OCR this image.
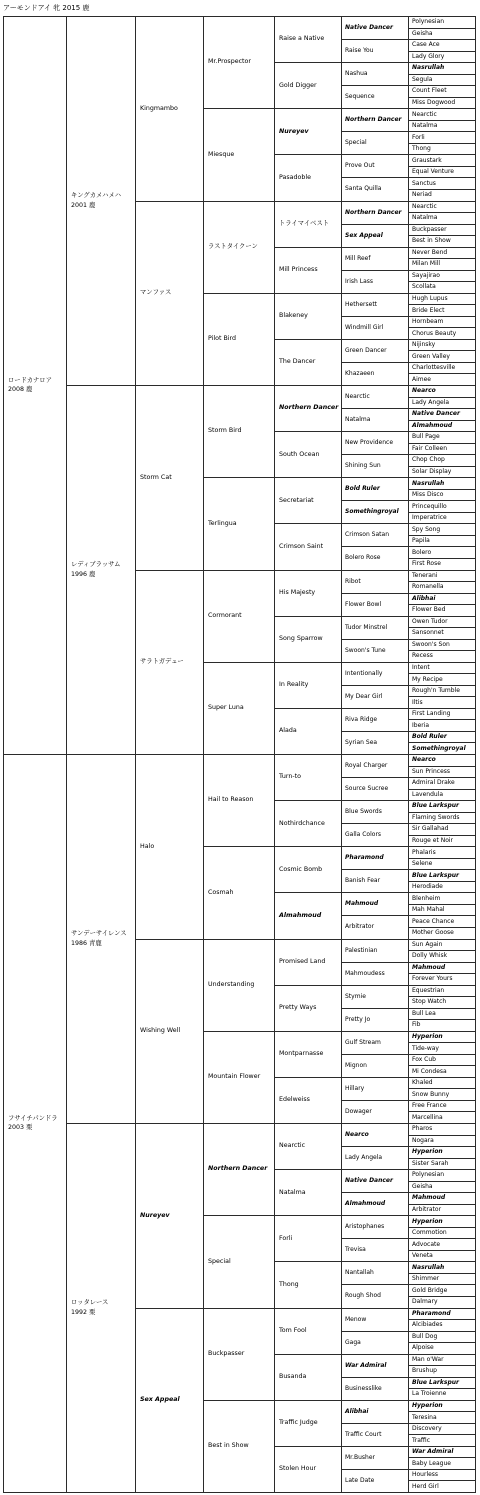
アーモンドアイ 牝 2015 鹿
ロードカナロア
2008 鹿	キングカメハメハ
2001 鹿	Kingmambo	Mr.Prospector	Raise a Native	Native Dancer	Polynesian

						Geisha

					Raise You	Case Ace

						Lady Glory

				Gold Digger	Nashua	Nasrullah

						Segula

					Sequence	Count Fleet

						Miss Dogwood

			Miesque	Nureyev	Northern Dancer	Nearctic

						Natalma

					Special	Forli

						Thong

				Pasadoble	Prove Out	Graustark

						Equal Venture

					Santa Quilla	Sanctus

						Neriad

		マンファス	ラストタイクーン	トライマイベスト	Northern Dancer	Nearctic

						Natalma

					Sex Appeal	Buckpasser

						Best in Show

				Mill Princess	Mill Reef	Never Bend

						Milan Mill

					Irish Lass	Sayajirao

						Scollata

			Pilot Bird	Blakeney	Hethersett	Hugh Lupus

						Bride Elect

					Windmill Girl	Hornbeam

						Chorus Beauty

				The Dancer	Green Dancer	Nijinsky

						Green Valley

					Khazaeen	Charlottesville

						Aimee

	レディブラッサム
1996 鹿	Storm Cat	Storm Bird	Northern Dancer	Nearctic	Nearco

						Lady Angela

					Natalma	Native Dancer

						Almahmoud

				South Ocean	New Providence	Bull Page

						Fair Colleen

					Shining Sun	Chop Chop

						Solar Display

			Terlingua	Secretariat	Bold Ruler	Nasrullah

						Miss Disco

					Somethingroyal	Princequillo

						Imperatrice

				Crimson Saint	Crimson Satan	Spy Song

						Papila

					Bolero Rose	Bolero

						First Rose

		サラトガデュー	Cormorant	His Majesty	Ribot	Tenerani

						Romanella

					Flower Bowl	Alibhai

						Flower Bed

				Song Sparrow	Tudor Minstrel	Owen Tudor

						Sansonnet

					Swoon's Tune	Swoon's Son

						Recess

			Super Luna	In Reality	Intentionally	Intent

						My Recipe

					My Dear Girl	Rough'n Tumble

						Iltis

				Alada	Riva Ridge	First Landing

						Iberia

					Syrian Sea	Bold Ruler

						Somethingroyal

フサイチパンドラ
2003 栗	サンデーサイレンス
1986 青鹿	Halo	Hail to Reason	Turn-to	Royal Charger	Nearco

						Sun Princess

					Source Sucree	Admiral Drake

						Lavendula

				Nothirdchance	Blue Swords	Blue Larkspur

						Flaming Swords

					Galla Colors	Sir Gallahad

						Rouge et Noir

			Cosmah	Cosmic Bomb	Pharamond	Phalaris

						Selene

					Banish Fear	Blue Larkspur

						Herodiade

				Almahmoud	Mahmoud	Blenheim

						Mah Mahal

					Arbitrator	Peace Chance

						Mother Goose

		Wishing Well	Understanding	Promised Land	Palestinian	Sun Again

						Dolly Whisk

					Mahmoudess	Mahmoud

						Forever Yours

				Pretty Ways	Stymie	Equestrian

						Stop Watch

					Pretty Jo	Bull Lea

						Fib

			Mountain Flower	Montparnasse	Gulf Stream	Hyperion

						Tide-way

					Mignon	Fox Cub

						Mi Condesa

				Edelweiss	Hillary	Khaled

						Snow Bunny

					Dowager	Free France

						Marcellina

	ロッタレース
1992 栗	Nureyev	Northern Dancer	Nearctic	Nearco	Pharos

						Nogara

					Lady Angela	Hyperion

						Sister Sarah

				Natalma	Native Dancer	Polynesian

						Geisha

					Almahmoud	Mahmoud

						Arbitrator

			Special	Forli	Aristophanes	Hyperion

						Commotion

					Trevisa	Advocate

						Veneta

				Thong	Nantallah	Nasrullah

						Shimmer

					Rough Shod	Gold Bridge

						Dalmary

		Sex Appeal	Buckpasser	Tom Fool	Menow	Pharamond

						Alcibiades

					Gaga	Bull Dog

						Alpoise

				Busanda	War Admiral	Man o'War

						Brushup

					Businesslike	Blue Larkspur

						La Troienne

			Best in Show	Traffic Judge	Alibhai	Hyperion

						Teresina

					Traffic Court	Discovery

						Traffic

				Stolen Hour	Mr.Busher	War Admiral

						Baby League

					Late Date	Hourless

						Herd Girl
